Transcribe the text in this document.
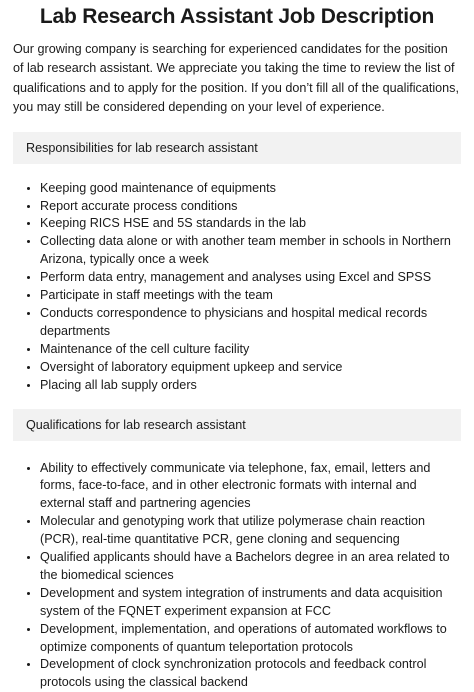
Lab Research Assistant Job Description

Our growing company is searching for experienced candidates for the position of lab research assistant. We appreciate you taking the time to review the list of qualifications and to apply for the position. If you don’t fill all of the qualifications, you may still be considered depending on your level of experience.

Responsibilities for lab research assistant
• Keeping good maintenance of equipments
• Report accurate process conditions
• Keeping RICS HSE and 5S standards in the lab
• Collecting data alone or with another team member in schools in Northern Arizona, typically once a week
• Perform data entry, management and analyses using Excel and SPSS
• Participate in staff meetings with the team
• Conducts correspondence to physicians and hospital medical records departments
• Maintenance of the cell culture facility
• Oversight of laboratory equipment upkeep and service
• Placing all lab supply orders
Qualifications for lab research assistant
• Ability to effectively communicate via telephone, fax, email, letters and forms, face-to-face, and in other electronic formats with internal and external staff and partnering agencies
• Molecular and genotyping work that utilize polymerase chain reaction (PCR), real-time quantitative PCR, gene cloning and sequencing
• Qualified applicants should have a Bachelors degree in an area related to the biomedical sciences
• Development and system integration of instruments and data acquisition system of the FQNET experiment expansion at FCC
• Development, implementation, and operations of automated workflows to optimize components of quantum teleportation protocols
• Development of clock synchronization protocols and feedback control protocols using the classical backend
